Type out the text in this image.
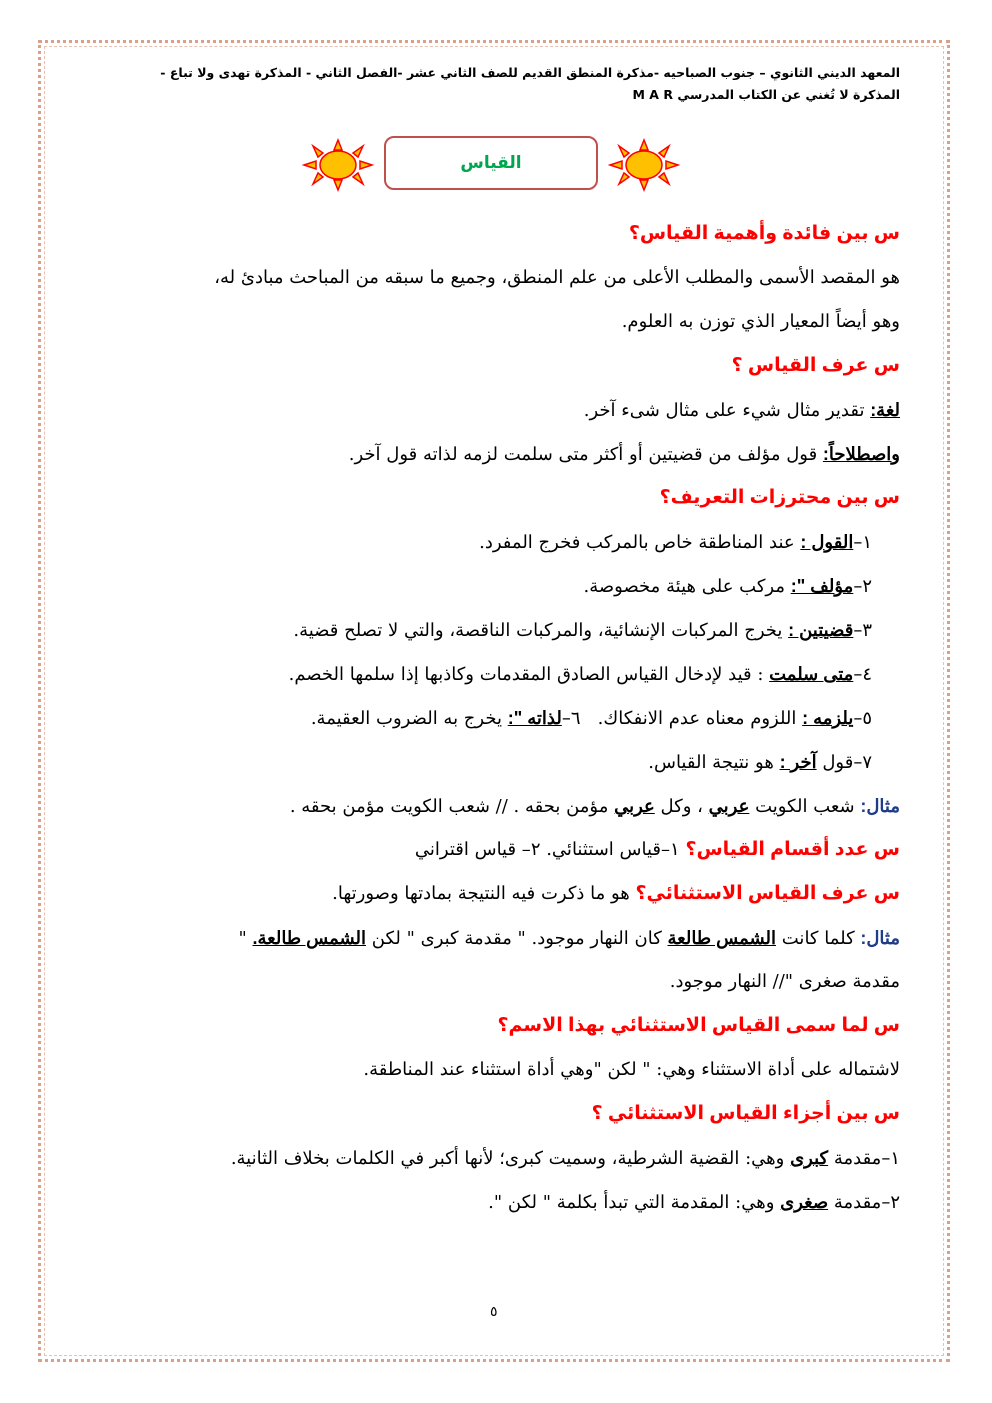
المعهد الديني الثانوي – جنوب الصباحيه -مذكرة المنطق القديم للصف الثاني عشر -الفصل الثاني - المذكرة تهدى ولا تباع -
المذكرة لا تُغني عن الكتاب المدرسي M A R
القياس
س بين فائدة وأهمية القياس؟
هو المقصد الأسمى والمطلب الأعلى من علم المنطق، وجميع ما سبقه من المباحث مبادئ له،
وهو أيضاً المعيار الذي توزن به العلوم.
س عرف القياس ؟
لغة: تقدير مثال شيء على مثال شىء آخر.
واصطلاحاً: قول مؤلف من قضيتين أو أكثر متى سلمت لزمه لذاته قول آخر.
س بين محترزات التعريف؟
١–القول : عند المناطقة خاص بالمركب فخرج المفرد.
٢–مؤلف ": مركب على هيئة مخصوصة.
٣–قضيتين : يخرج المركبات الإنشائية، والمركبات الناقصة، والتي لا تصلح قضية.
٤–متى سلمت : قيد لإدخال القياس الصادق المقدمات وكاذبها إذا سلمها الخصم.
٥–يلزمه : اللزوم معناه عدم الانفكاك.   ٦–لذاته ": يخرج به الضروب العقيمة.
٧–قول آخر : هو نتيجة القياس.
مثال: شعب الكويت عربي ، وكل عربي مؤمن بحقه . // شعب الكويت مؤمن بحقه .
س عدد أقسام القياس؟ ١–قياس استثنائي. ٢– قياس اقتراني
س عرف القياس الاستثنائي؟ هو ما ذكرت فيه النتيجة بمادتها وصورتها.
مثال: كلما كانت الشمس طالعة كان النهار موجود. " مقدمة كبرى " لكن الشمس طالعة. "
مقدمة صغرى "// النهار موجود.
س لما سمى القياس الاستثنائي بهذا الاسم؟
لاشتماله على أداة الاستثناء وهي: " لكن "وهي أداة استثناء عند المناطقة.
س بين أجزاء القياس الاستثنائي ؟
١–مقدمة كبرى وهي: القضية الشرطية، وسميت كبرى؛ لأنها أكبر في الكلمات بخلاف الثانية.
٢–مقدمة صغرى وهي: المقدمة التي تبدأ بكلمة " لكن ".
٥
